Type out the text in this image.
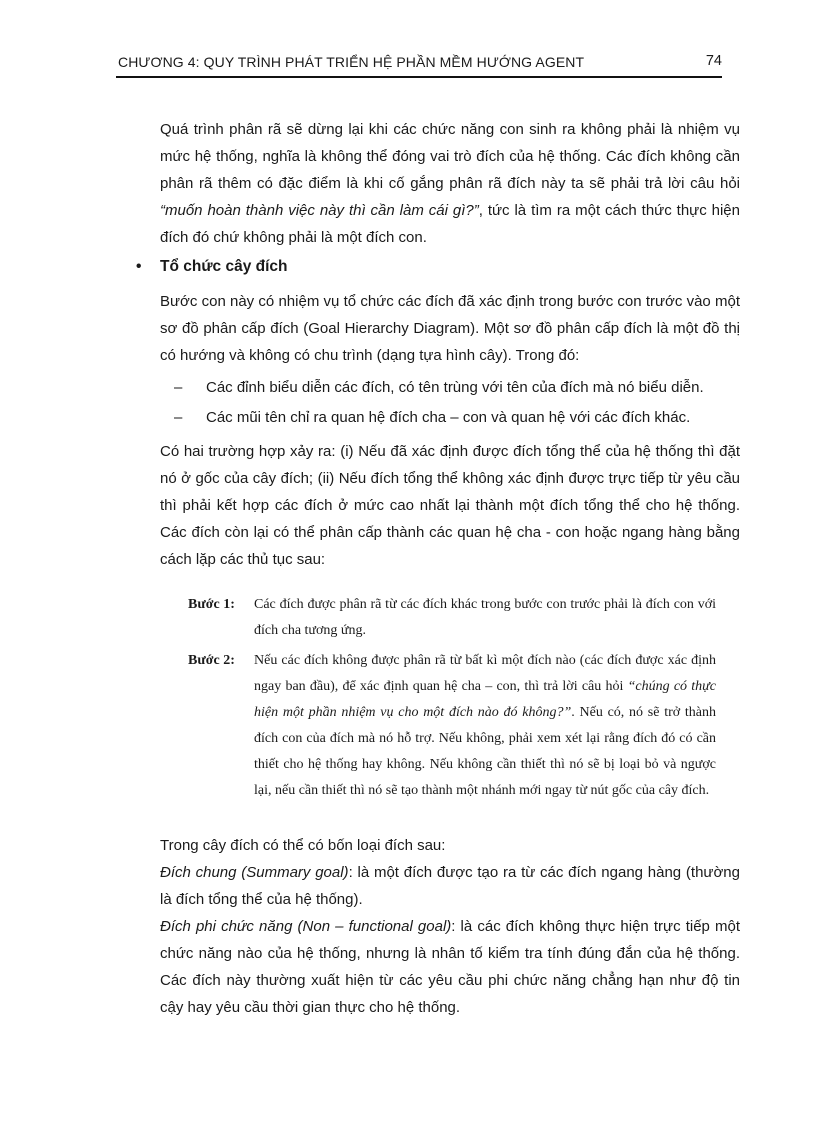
CHƯƠNG 4: QUY TRÌNH PHÁT TRIỂN HỆ PHẦN MỀM HƯỚNG AGENT	74
Quá trình phân rã sẽ dừng lại khi các chức năng con sinh ra không phải là nhiệm vụ mức hệ thống, nghĩa là không thể đóng vai trò đích của hệ thống. Các đích không cần phân rã thêm có đặc điểm là khi cố gắng phân rã đích này ta sẽ phải trả lời câu hỏi “muốn hoàn thành việc này thì cần làm cái gì?”, tức là tìm ra một cách thức thực hiện đích đó chứ không phải là một đích con.
• Tổ chức cây đích
Bước con này có nhiệm vụ tổ chức các đích đã xác định trong bước con trước vào một sơ đồ phân cấp đích (Goal Hierarchy Diagram). Một sơ đồ phân cấp đích là một đồ thị có hướng và không có chu trình (dạng tựa hình cây). Trong đó:
–	Các đỉnh biểu diễn các đích, có tên trùng với tên của đích mà nó biểu diễn.
–	Các mũi tên chỉ ra quan hệ đích cha – con và quan hệ với các đích khác.
Có hai trường hợp xảy ra: (i) Nếu đã xác định được đích tổng thể của hệ thống thì đặt nó ở gốc của cây đích; (ii) Nếu đích tổng thể không xác định được trực tiếp từ yêu cầu thì phải kết hợp các đích ở mức cao nhất lại thành một đích tổng thể cho hệ thống. Các đích còn lại có thể phân cấp thành các quan hệ cha - con hoặc ngang hàng bằng cách lặp các thủ tục sau:
Bước 1:	Các đích được phân rã từ các đích khác trong bước con trước phải là đích con với đích cha tương ứng.
Bước 2:	Nếu các đích không được phân rã từ bất kì một đích nào (các đích được xác định ngay ban đầu), để xác định quan hệ cha – con, thì trả lời câu hỏi “chúng có thực hiện một phần nhiệm vụ cho một đích nào đó không?”. Nếu có, nó sẽ trở thành đích con của đích mà nó hỗ trợ. Nếu không, phải xem xét lại rằng đích đó có cần thiết cho hệ thống hay không. Nếu không cần thiết thì nó sẽ bị loại bỏ và ngược lại, nếu cần thiết thì nó sẽ tạo thành một nhánh mới ngay từ nút gốc của cây đích.
Trong cây đích có thể có bốn loại đích sau:
Đích chung (Summary goal): là một đích được tạo ra từ các đích ngang hàng (thường là đích tổng thể của hệ thống).
Đích phi chức năng (Non – functional goal): là các đích không thực hiện trực tiếp một chức năng nào của hệ thống, nhưng là nhân tố kiểm tra tính đúng đắn của hệ thống. Các đích này thường xuất hiện từ các yêu cầu phi chức năng chẳng hạn như độ tin cậy hay yêu cầu thời gian thực cho hệ thống.
